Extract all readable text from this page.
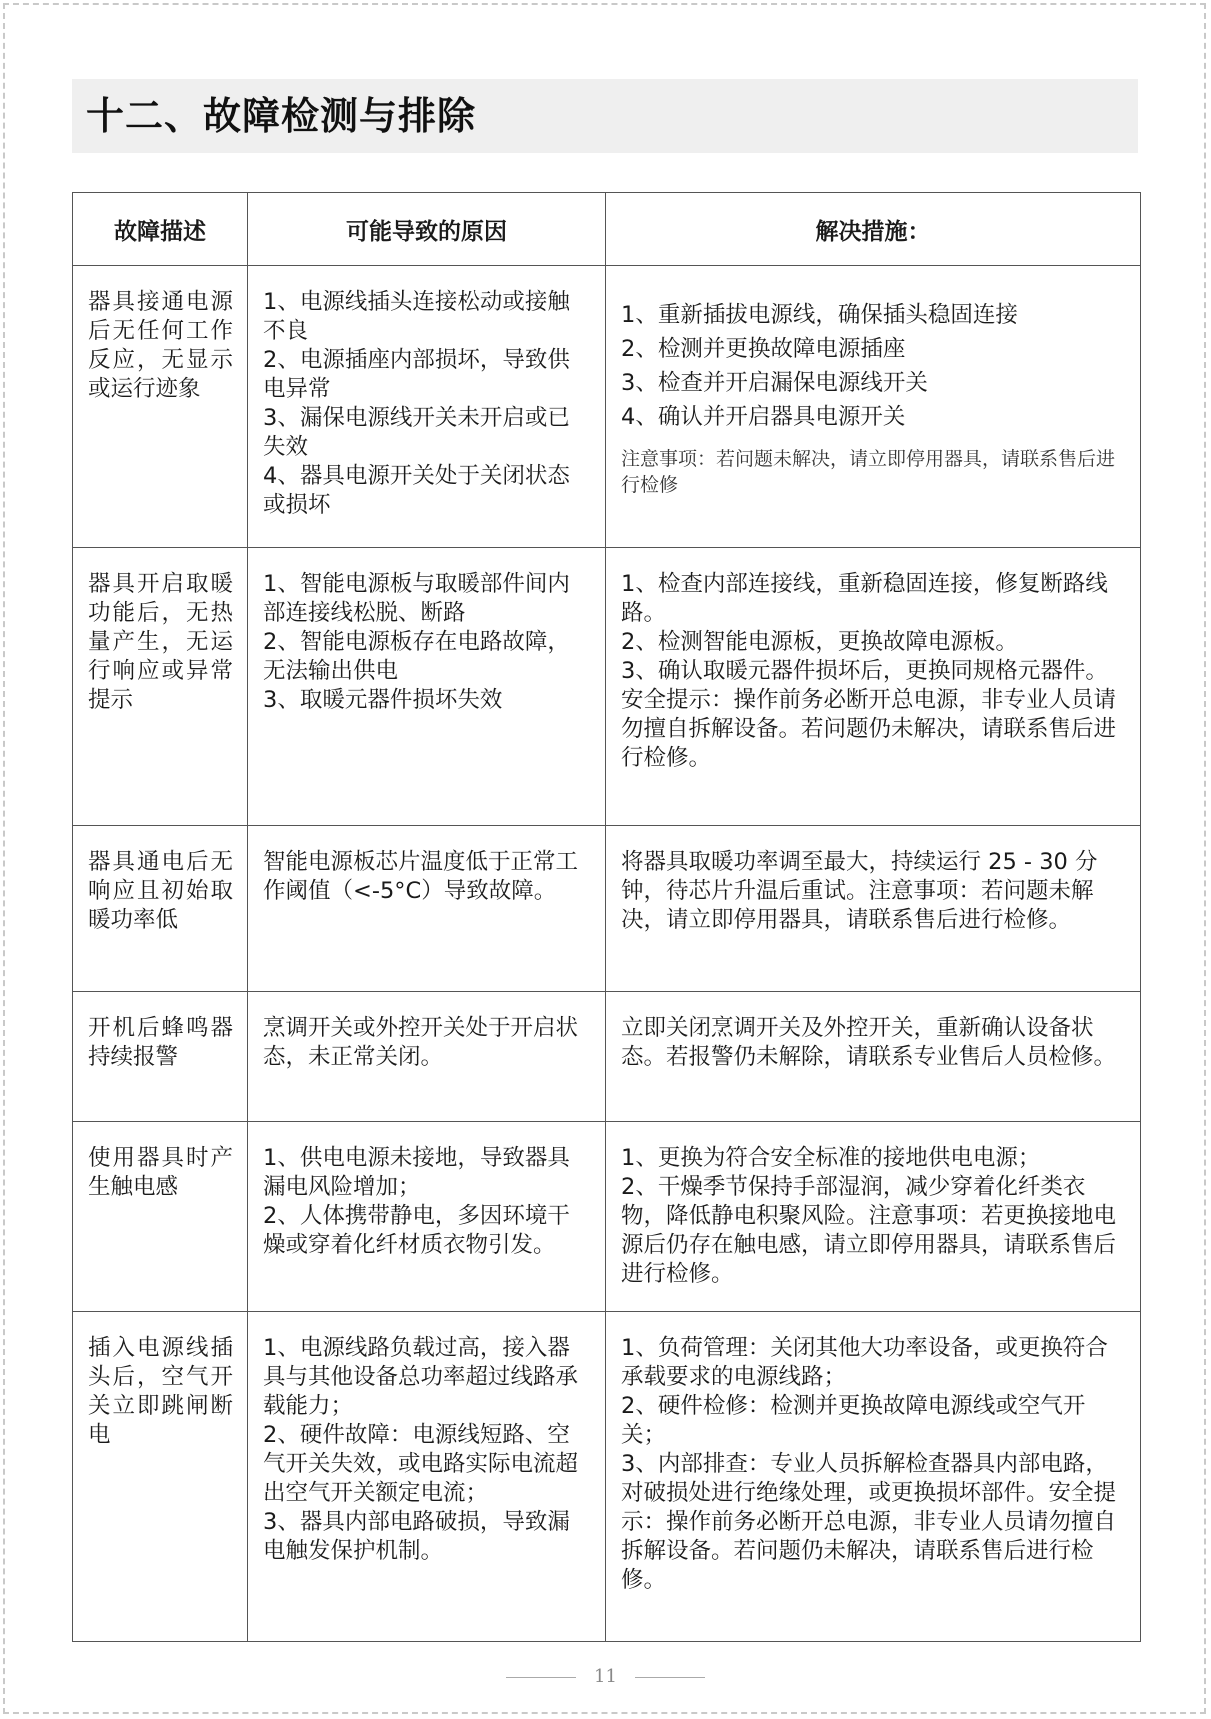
十二、故障检测与排除
故障描述	可能导致的原因	解决措施：
器具接通电源后无任何工作反应，无显示或运行迹象	1、电源线插头连接松动或接触不良
2、电源插座内部损坏，导致供电异常
3、漏保电源线开关未开启或已失效
4、器具电源开关处于关闭状态或损坏	1、重新插拔电源线，确保插头稳固连接
2、检测并更换故障电源插座
3、检查并开启漏保电源线开关
4、确认并开启器具电源开关
注意事项：若问题未解决，请立即停用器具，请联系售后进行检修

器具开启取暖功能后，无热量产生，无运行响应或异常提示	1、智能电源板与取暖部件间内部连接线松脱、断路
2、智能电源板存在电路故障，无法输出供电
3、取暖元器件损坏失效	1、检查内部连接线，重新稳固连接，修复断路线路。
2、检测智能电源板，更换故障电源板。
3、确认取暖元器件损坏后，更换同规格元器件。安全提示：操作前务必断开总电源，非专业人员请勿擅自拆解设备。若问题仍未解决，请联系售后进行检修。

器具通电后无响应且初始取暖功率低	智能电源板芯片温度低于正常工作阈值（<-5°C）导致故障。	将器具取暖功率调至最大，持续运行 25 - 30 分钟，待芯片升温后重试。注意事项：若问题未解决，请立即停用器具，请联系售后进行检修。

开机后蜂鸣器持续报警	烹调开关或外控开关处于开启状态，未正常关闭。	立即关闭烹调开关及外控开关，重新确认设备状态。若报警仍未解除，请联系专业售后人员检修。

使用器具时产生触电感	1、供电电源未接地，导致器具漏电风险增加；
2、人体携带静电，多因环境干燥或穿着化纤材质衣物引发。	1、更换为符合安全标准的接地供电电源；
2、干燥季节保持手部湿润，减少穿着化纤类衣物，降低静电积聚风险。注意事项：若更换接地电源后仍存在触电感，请立即停用器具，请联系售后进行检修。

插入电源线插头后，空气开关立即跳闸断电	1、电源线路负载过高，接入器具与其他设备总功率超过线路承载能力；
2、硬件故障：电源线短路、空气开关失效，或电路实际电流超出空气开关额定电流；
3、器具内部电路破损，导致漏电触发保护机制。	1、负荷管理：关闭其他大功率设备，或更换符合承载要求的电源线路；
2、硬件检修：检测并更换故障电源线或空气开关；
3、内部排查：专业人员拆解检查器具内部电路，对破损处进行绝缘处理，或更换损坏部件。安全提示：操作前务必断开总电源，非专业人员请勿擅自拆解设备。若问题仍未解决，请联系售后进行检修。
11
